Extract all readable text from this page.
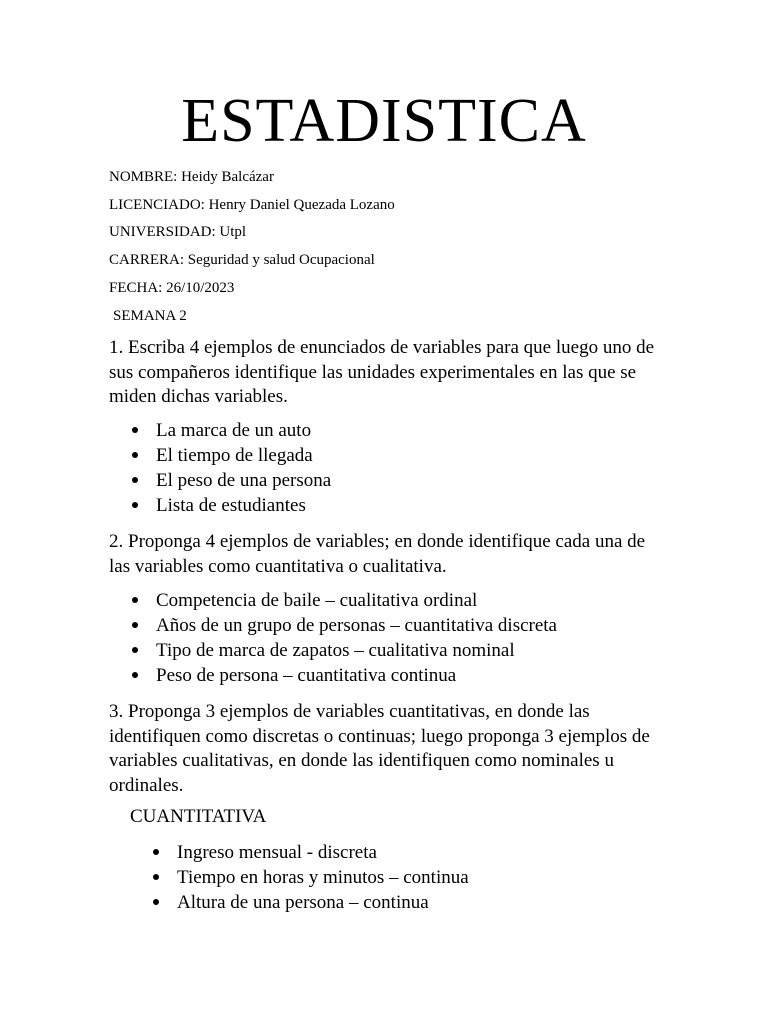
ESTADISTICA
NOMBRE: Heidy Balcázar
LICENCIADO: Henry Daniel Quezada Lozano
UNIVERSIDAD: Utpl
CARRERA: Seguridad y salud Ocupacional
FECHA: 26/10/2023
SEMANA 2
1. Escriba 4 ejemplos de enunciados de variables para que luego uno de sus compañeros identifique las unidades experimentales en las que se miden dichas variables.
La marca de un auto
El tiempo de llegada
El peso de una persona
Lista de estudiantes
2. Proponga 4 ejemplos de variables; en donde identifique cada una de las variables como cuantitativa o cualitativa.
Competencia de baile – cualitativa ordinal
Años de un grupo de personas – cuantitativa discreta
Tipo de marca de zapatos – cualitativa nominal
Peso de persona – cuantitativa continua
3. Proponga 3 ejemplos de variables cuantitativas, en donde las identifiquen como discretas o continuas; luego proponga 3 ejemplos de variables cualitativas, en donde las identifiquen como nominales u ordinales.
CUANTITATIVA
Ingreso mensual - discreta
Tiempo en horas y minutos – continua
Altura de una persona – continua
